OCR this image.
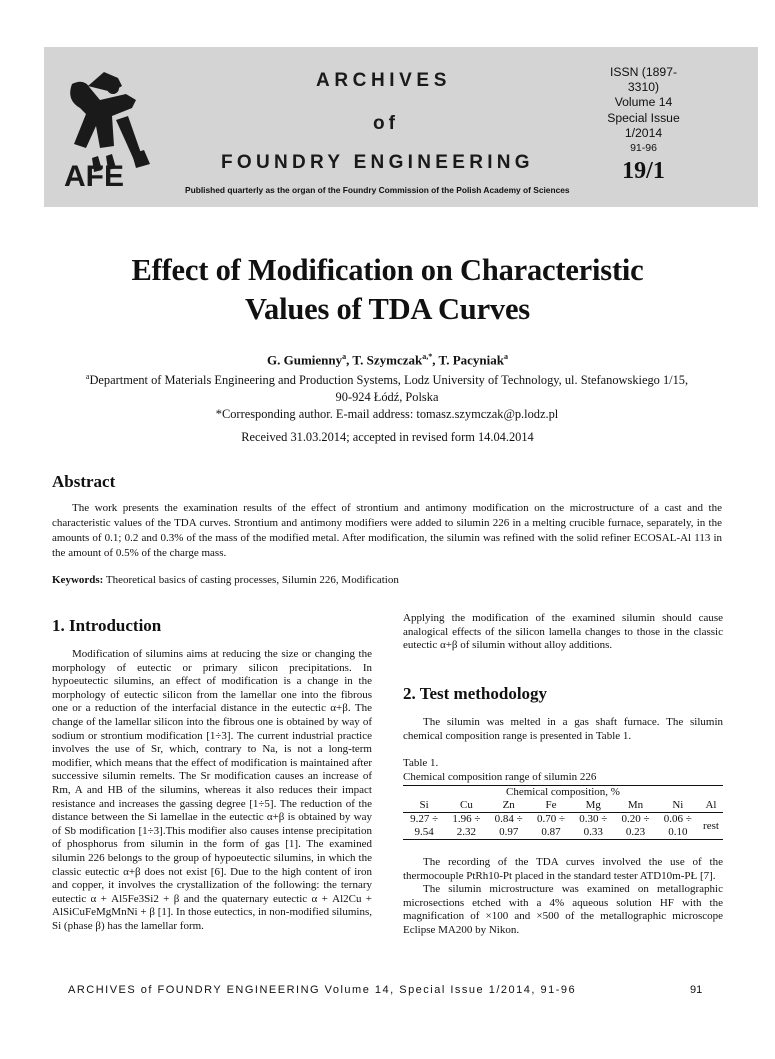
AFE
ARCHIVES
of
FOUNDRY ENGINEERING
Published quarterly as the organ of the Foundry Commission of the Polish Academy of Sciences
ISSN (1897-3310)
Volume 14
Special Issue
1/2014
91-96
19/1
Effect of Modification on Characteristic
Values of TDA Curves
G. Gumienny$^a$, T. Szymczak$^{a,*}$, T. Pacyniak$^a$
$^a$Department of Materials Engineering and Production Systems, Lodz University of Technology, ul. Stefanowskiego 1/15,
90-924 Łódź, Polska
*Corresponding author. E-mail address: tomasz.szymczak@p.lodz.pl
Received 31.03.2014; accepted in revised form 14.04.2014
Abstract

The work presents the examination results of the effect of strontium and antimony modification on the microstructure of a cast and the characteristic values of the TDA curves. Strontium and antimony modifiers were added to silumin 226 in a melting crucible furnace, separately, in the amounts of 0.1; 0.2 and 0.3% of the mass of the modified metal. After modification, the silumin was refined with the solid refiner ECOSAL-Al 113 in the amount of 0.5% of the charge mass.

Keywords: Theoretical basics of casting processes, Silumin 226, Modification
1. Introduction

Modification of silumins aims at reducing the size or changing the morphology of eutectic or primary silicon precipitations. In hypoeutectic silumins, an effect of modification is a change in the morphology of eutectic silicon from the lamellar one into the fibrous one or a reduction of the interfacial distance in the eutectic α+β. The change of the lamellar silicon into the fibrous one is obtained by way of sodium or strontium modification [1÷3]. The current industrial practice involves the use of Sr, which, contrary to Na, is not a long-term modifier, which means that the effect of modification is maintained after successive silumin remelts. The Sr modification causes an increase of Rm, A and HB of the silumins, whereas it also reduces their impact resistance and increases the gassing degree [1÷5]. The reduction of the distance between the Si lamellae in the eutectic α+β is obtained by way of Sb modification [1÷3].This modifier also causes intense precipitation of phosphorus from silumin in the form of gas [1]. The examined silumin 226 belongs to the group of hypoeutectic silumins, in which the classic eutectic α+β does not exist [6]. Due to the high content of iron and copper, it involves the crystallization of the following: the ternary eutectic α + Al5Fe3Si2 + β and the quaternary eutectic α + Al2Cu + AlSiCuFeMgMnNi + β [1]. In those eutectics, in non-modified silumins, Si (phase β) has the lamellar form.

Applying the modification of the examined silumin should cause analogical effects of the silicon lamella changes to those in the classic eutectic α+β of silumin without alloy additions.

2. Test methodology

The silumin was melted in a gas shaft furnace. The silumin chemical composition range is presented in Table 1.

Table 1.
Chemical composition range of silumin 226
Chemical composition, %							
Si	Cu	Zn	Fe	Mg	Mn	Ni	Al
9.27 ÷	1.96 ÷	0.84 ÷	0.70 ÷	0.30 ÷	0.20 ÷	0.06 ÷	rest
9.54	2.32	0.97	0.87	0.33	0.23	0.10	

The recording of the TDA curves involved the use of the thermocouple PtRh10-Pt placed in the standard tester ATD10m-PŁ [7].

The silumin microstructure was examined on metallographic microsections etched with a 4% aqueous solution HF with the magnification of ×100 and ×500 of the metallographic microscope Eclipse MA200 by Nikon.

ARCHIVES of FOUNDRY ENGINEERING Volume 14, Special Issue 1/2014, 91-96	91
